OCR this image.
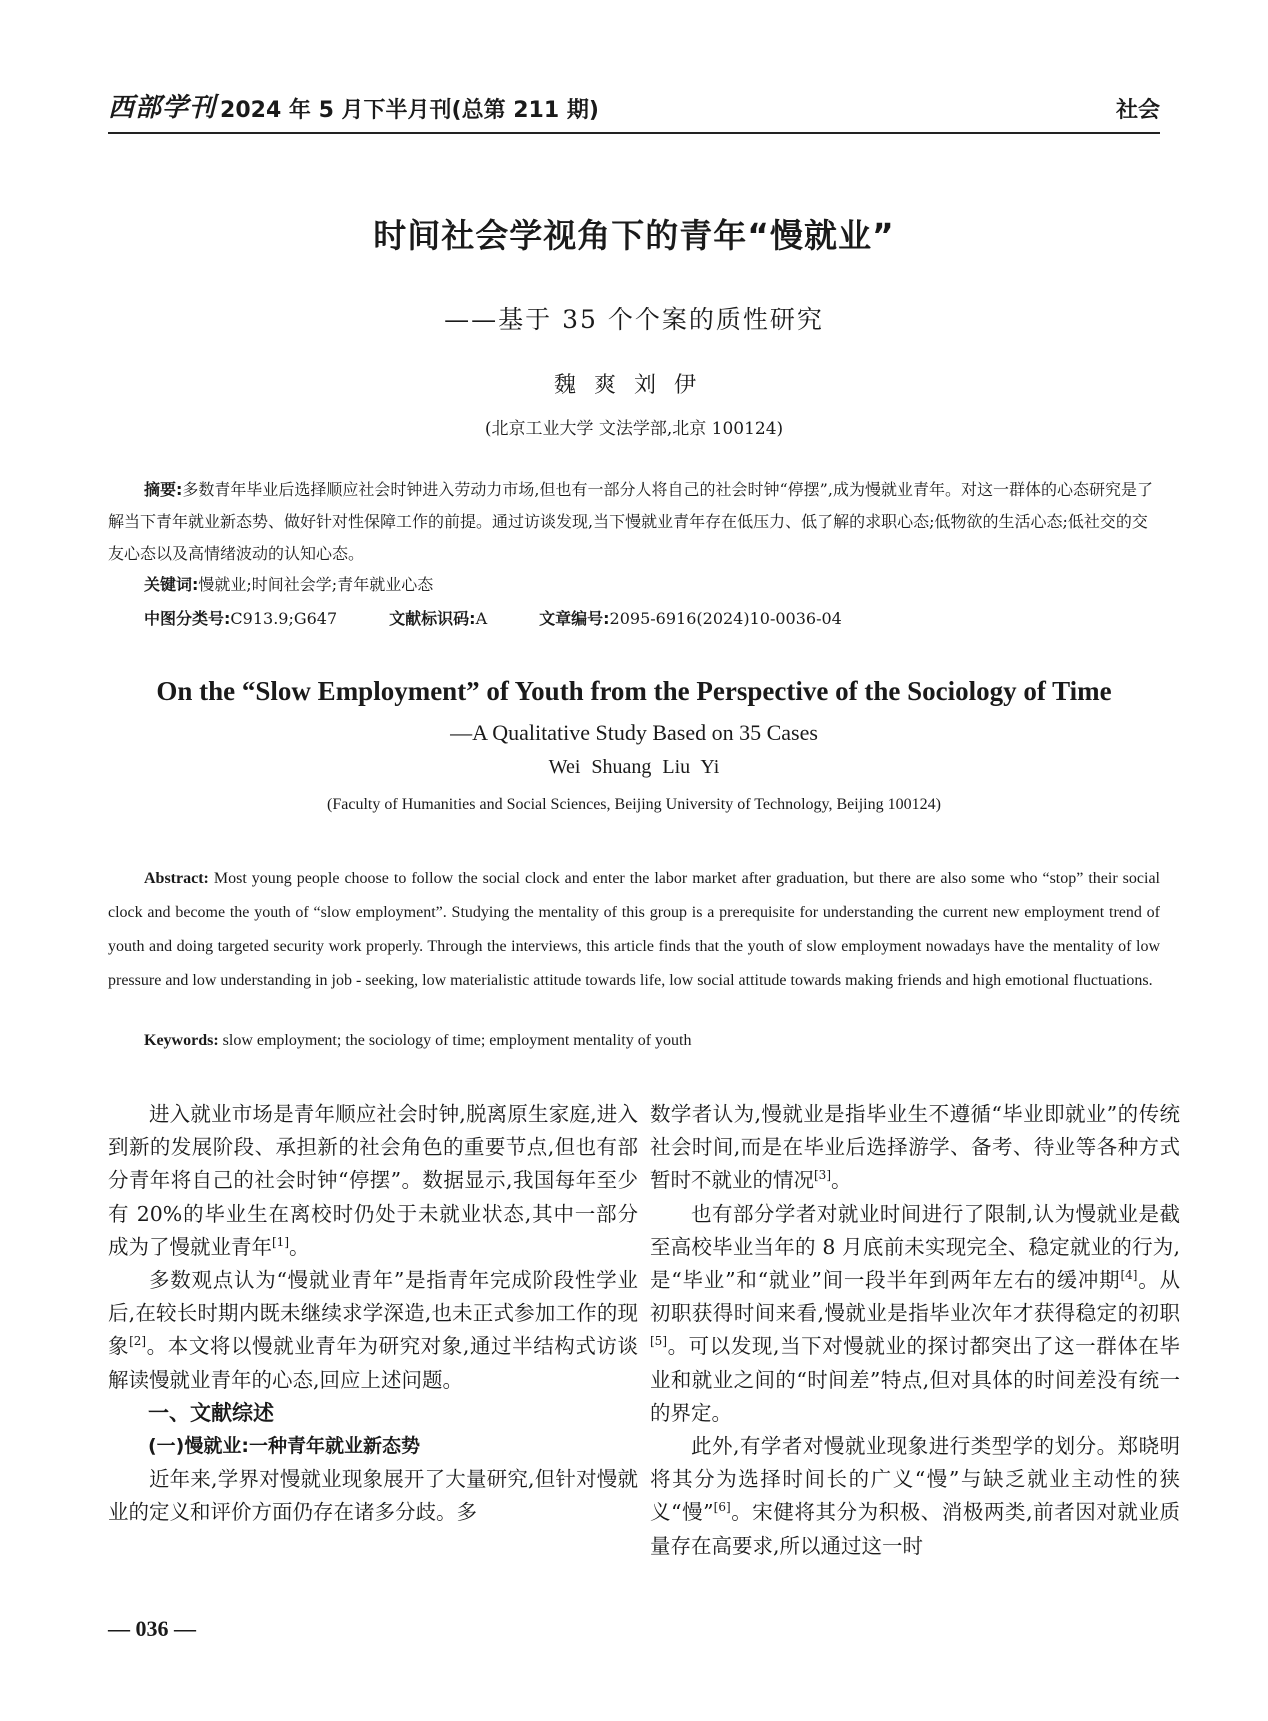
西部学刊 2024 年 5 月下半月刊(总第 211 期)	社会
时间社会学视角下的青年“慢就业”
——基于 35 个个案的质性研究
魏爽刘伊
(北京工业大学 文法学部,北京 100124)
摘要:多数青年毕业后选择顺应社会时钟进入劳动力市场,但也有一部分人将自己的社会时钟“停摆”,成为慢就业青年。对这一群体的心态研究是了解当下青年就业新态势、做好针对性保障工作的前提。通过访谈发现,当下慢就业青年存在低压力、低了解的求职心态;低物欲的生活心态;低社交的交友心态以及高情绪波动的认知心态。
关键词:慢就业;时间社会学;青年就业心态
中图分类号:C913.9;G647	文献标识码:A	文章编号:2095-6916(2024)10-0036-04
On the “Slow Employment” of Youth from the Perspective of the Sociology of Time
—A Qualitative Study Based on 35 Cases
Wei Shuang Liu Yi
(Faculty of Humanities and Social Sciences, Beijing University of Technology, Beijing 100124)
Abstract: Most young people choose to follow the social clock and enter the labor market after graduation, but there are also some who “stop” their social clock and become the youth of “slow employment”. Studying the mentality of this group is a prerequisite for understanding the current new employment trend of youth and doing targeted security work properly. Through the interviews, this article finds that the youth of slow employment nowadays have the mentality of low pressure and low understanding in job - seeking, low materialistic attitude towards life, low social attitude towards making friends and high emotional fluctuations.
Keywords: slow employment; the sociology of time; employment mentality of youth

进入就业市场是青年顺应社会时钟,脱离原生家庭,进入到新的发展阶段、承担新的社会角色的重要节点,但也有部分青年将自己的社会时钟“停摆”。数据显示,我国每年至少有 20%的毕业生在离校时仍处于未就业状态,其中一部分成为了慢就业青年[1]。

多数观点认为“慢就业青年”是指青年完成阶段性学业后,在较长时期内既未继续求学深造,也未正式参加工作的现象[2]。本文将以慢就业青年为研究对象,通过半结构式访谈解读慢就业青年的心态,回应上述问题。

一、文献综述
(一)慢就业:一种青年就业新态势

近年来,学界对慢就业现象展开了大量研究,但针对慢就业的定义和评价方面仍存在诸多分歧。多

数学者认为,慢就业是指毕业生不遵循“毕业即就业”的传统社会时间,而是在毕业后选择游学、备考、待业等各种方式暂时不就业的情况[3]。

也有部分学者对就业时间进行了限制,认为慢就业是截至高校毕业当年的 8 月底前未实现完全、稳定就业的行为,是“毕业”和“就业”间一段半年到两年左右的缓冲期[4]。从初职获得时间来看,慢就业是指毕业次年才获得稳定的初职[5]。可以发现,当下对慢就业的探讨都突出了这一群体在毕业和就业之间的“时间差”特点,但对具体的时间差没有统一的界定。

此外,有学者对慢就业现象进行类型学的划分。郑晓明将其分为选择时间长的广义“慢”与缺乏就业主动性的狭义“慢”[6]。宋健将其分为积极、消极两类,前者因对就业质量存在高要求,所以通过这一时

— 036 —
